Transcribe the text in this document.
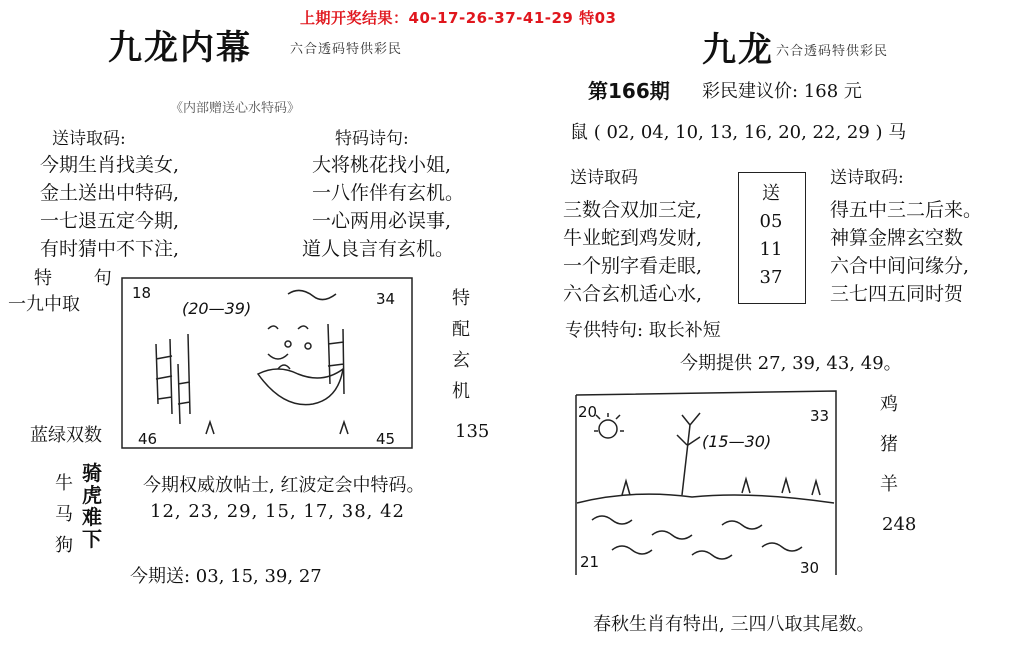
上期开奖结果：40-17-26-37-41-29 特03
九龙内幕	六合透码特供彩民
《内部赠送心水特码》
送诗取码:	特码诗句:
今期生肖找美女,
金土送出中特码,
一七退五定今期,
有时猜中不下注,
大将桃花找小姐,
一八作伴有玄机。
一心两用必误事,
道人良言有玄机。
特 句
一九中取
蓝绿双数
特
配
玄
机
135
18	34
46	45
(20—39)
牛
马
狗
骑
虎
难
下
今期权威放帖士, 红波定会中特码。
12, 23, 29, 15, 17, 38, 42
今期送: 03, 15, 39, 27
九龙 六合透码特供彩民
第166期 彩民建议价: 168 元
鼠 ( 02, 04, 10, 13, 16, 20, 22, 29 ) 马
送诗取码	送诗取码:
三数合双加三定,
牛业蛇到鸡发财,
一个别字看走眼,
六合玄机适心水,
得五中三二后来。
神算金牌玄空数
六合中间问缘分,
三七四五同时贺
送
05
11
37
专供特句: 取长补短
今期提供 27, 39, 43, 49。
鸡
猪
羊
248
20	33
21	30
(15—30)
春秋生肖有特出, 三四八取其尾数。
